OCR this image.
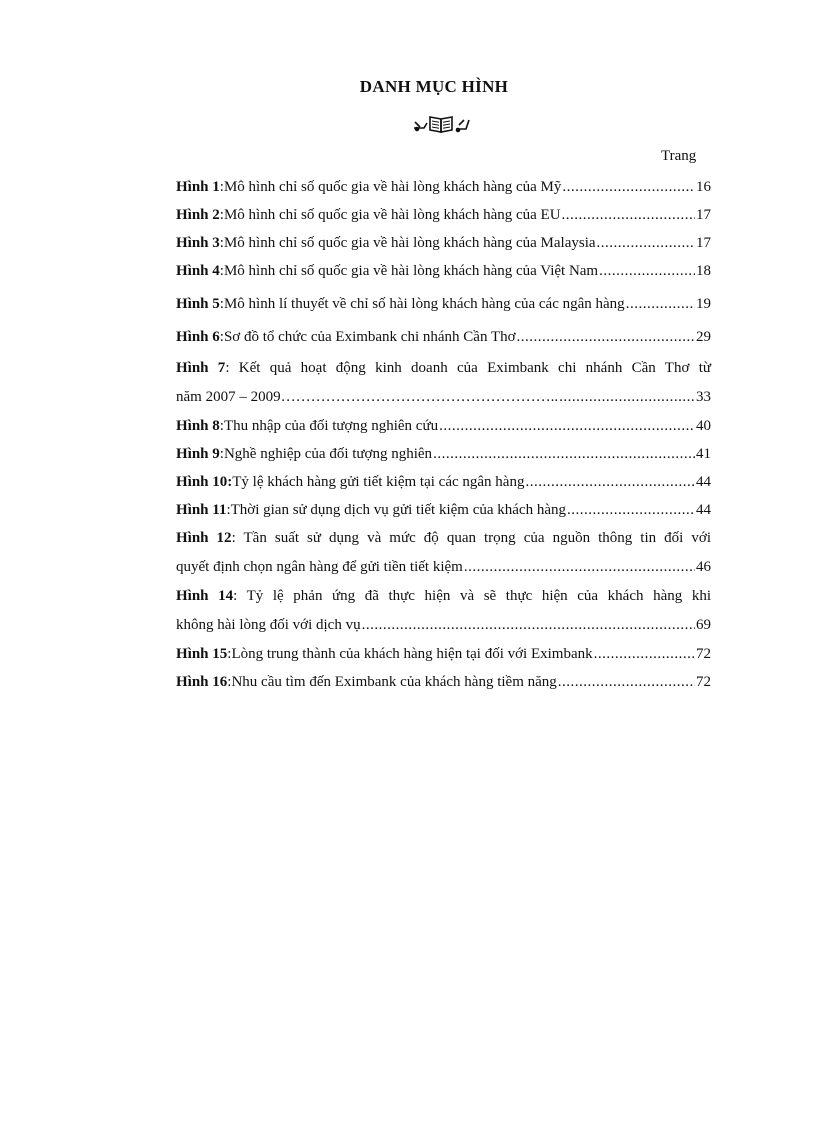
DANH MỤC HÌNH
Trang
Hình 1 : Mô hình chỉ số quốc gia về hài lòng khách hàng của Mỹ .....	16
Hình 2 : Mô hình chỉ số quốc gia về hài lòng khách hàng của EU .....	17
Hình 3 : Mô hình chỉ số quốc gia về hài lòng khách hàng của Malaysia .....	17
Hình 4 : Mô hình chỉ số quốc gia về hài lòng khách hàng của Việt Nam .....	18
Hình 5 : Mô hình lí thuyết về chỉ số hài lòng khách hàng của các ngân hàng .....	19
Hình 6 : Sơ đồ tổ chức của Eximbank chi nhánh Cần Thơ .....	29
Hình 7: Kết quả hoạt động kinh doanh của Eximbank chi nhánh Cần Thơ từ
năm 2007 – 2009……………………………………………….. .....	33
Hình 8 : Thu nhập của đối tượng nghiên cứu .....	40
Hình 9 : Nghề nghiệp của đối tượng nghiên .....	41
Hình 10: Tỷ lệ khách hàng gửi tiết kiệm tại các ngân hàng .....	44
Hình 11 : Thời gian sử dụng dịch vụ gửi tiết kiệm của khách hàng .....	44
Hình 12: Tần suất sử dụng và mức độ quan trọng của nguồn thông tin đối với
quyết định chọn ngân hàng để gửi tiền tiết kiệm .....	46
Hình 14: Tỷ lệ phản ứng đã thực hiện và sẽ thực hiện của khách hàng khi
không hài lòng đối với dịch vụ .....	69
Hình 15 : Lòng trung thành của khách hàng hiện tại đối với Eximbank .....	72
Hình 16 : Nhu cầu tìm đến Eximbank của khách hàng tiềm năng .....	72
